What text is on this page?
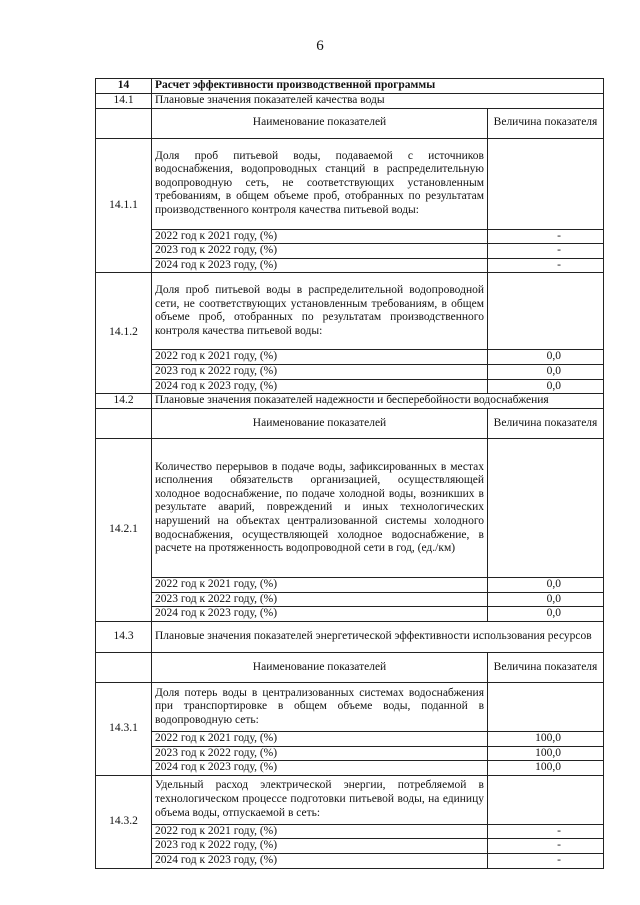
6
14	Расчет эффективности производственной программы	
14.1	Плановые значения показателей качества воды	
	Наименование показателей	Величина показателя
14.1.1	Доля проб питьевой воды, подаваемой с источников водоснабжения, водопроводных станций в распределительную водопроводную сеть, не соответствующих установленным требованиям, в общем объеме проб, отобранных по результатам производственного контроля качества питьевой воды:	
	2022 год к 2021 году, (%)	-
	2023 год к 2022 году, (%)	-
	2024 год к 2023 году, (%)	-
14.1.2	Доля проб питьевой воды в распределительной водопроводной сети, не соответствующих установленным требованиям, в общем объеме проб, отобранных по результатам производственного контроля качества питьевой воды:	
	2022 год к 2021 году, (%)	0,0
	2023 год к 2022 году, (%)	0,0
	2024 год к 2023 году, (%)	0,0
14.2	Плановые значения показателей надежности и бесперебойности водоснабжения	
	Наименование показателей	Величина показателя
14.2.1	Количество перерывов в подаче воды, зафиксированных в местах исполнения обязательств организацией, осуществляющей холодное водоснабжение, по подаче холодной воды, возникших в результате аварий, повреждений и иных технологических нарушений на объектах централизованной системы холодного водоснабжения, осуществляющей холодное водоснабжение, в расчете на протяженность водопроводной сети в год, (ед./км)	
	2022 год к 2021 году, (%)	0,0
	2023 год к 2022 году, (%)	0,0
	2024 год к 2023 году, (%)	0,0
14.3	Плановые значения показателей энергетической эффективности использования ресурсов	
	Наименование показателей	Величина показателя
14.3.1	Доля потерь воды в централизованных системах водоснабжения при транспортировке в общем объеме воды, поданной в водопроводную сеть:	
	2022 год к 2021 году, (%)	100,0
	2023 год к 2022 году, (%)	100,0
	2024 год к 2023 году, (%)	100,0
14.3.2	Удельный расход электрической энергии, потребляемой в технологическом процессе подготовки питьевой воды, на единицу объема воды, отпускаемой в сеть:	
	2022 год к 2021 году, (%)	-
	2023 год к 2022 году, (%)	-
	2024 год к 2023 году, (%)	-
